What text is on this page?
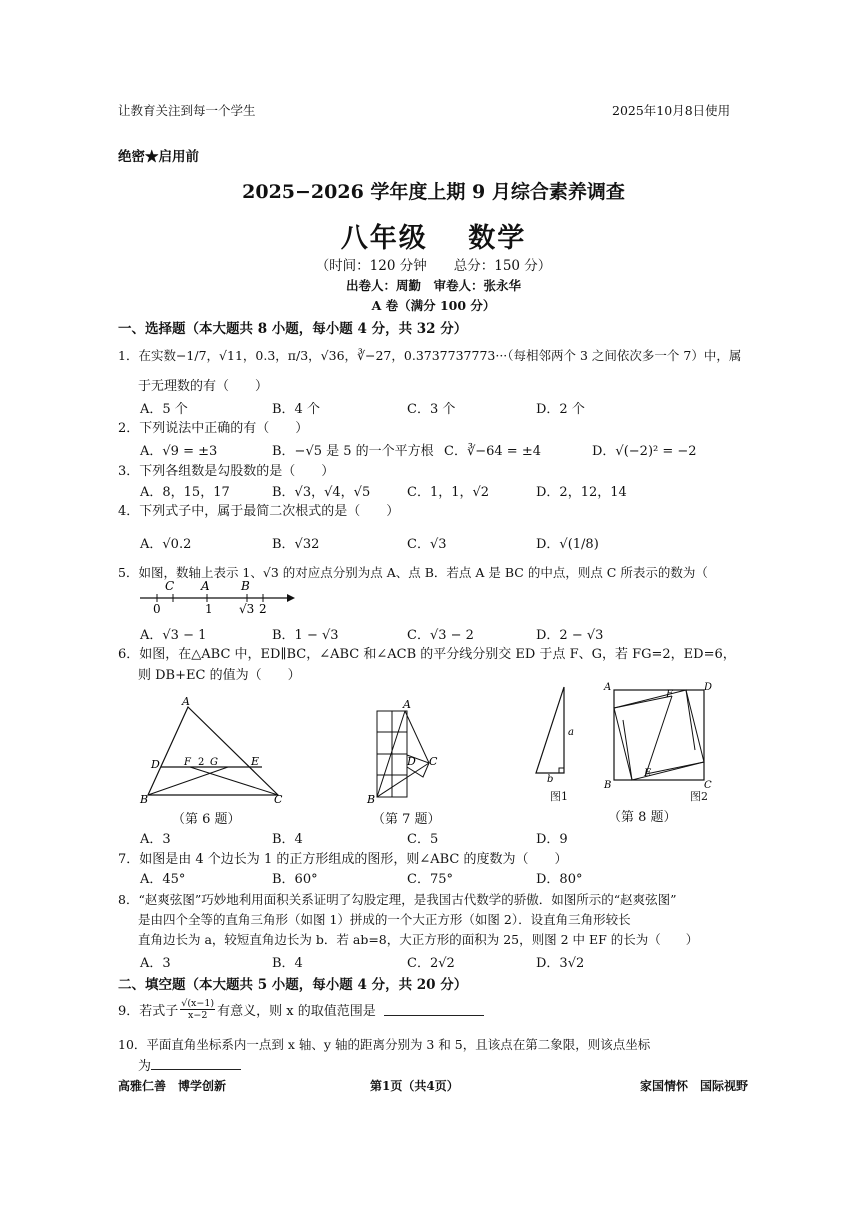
让教育关注到每一个学生	2025年10月8日使用
绝密★启用前
2025−2026 学年度上期 9 月综合素养调查
八年级　 数学
（时间：120 分钟　　总分：150 分）
出卷人：周勤　审卷人：张永华
A 卷（满分 100 分）
一、选择题（本大题共 8 小题，每小题 4 分，共 32 分）
1．在实数−1/7，√11，0.3，π/3，√36，∛−27，0.3737737773···（每相邻两个 3 之间依次多一个 7）中，属
于无理数的有（　　）
A．5 个	B．4 个	C．3 个	D．2 个
2．下列说法中正确的有（　　）
A．√9 = ±3	B．−√5 是 5 的一个平方根 C．∛−64 = ±4	D．√(−2)² = −2
3．下列各组数是勾股数的是（　　）
A．8，15，17	B．√3，√4，√5	C．1，1，√2	D．2，12，14
4．下列式子中，属于最简二次根式的是（　　）
A．√0.2	B．√32	C．√3	D．√(1/8)
5．如图，数轴上表示 1、√3 的对应点分别为点 A、点 B．若点 A 是 BC 的中点，则点 C 所表示的数为（
C A	B
0	1 √3 2
A．√3 − 1	B．1 − √3	C．√3 − 2	D．2 − √3
6．如图，在△ABC 中，ED∥BC，∠ABC 和∠ACB 的平分线分别交 ED 于点 F、G，若 FG=2，ED=6，
则 DB+EC 的值为（　　）
A
D F 2 G	E
B	C
（第 6 题）
A
D C
B
（第 7 题）
a
b
图1
A
F
D
B
E
C
图2
（第 8 题）
A．3	B．4	C．5	D．9
7．如图是由 4 个边长为 1 的正方形组成的图形，则∠ABC 的度数为（　　）
A．45°	B．60°	C．75°	D．80°
8．“赵爽弦图”巧妙地利用面积关系证明了勾股定理，是我国古代数学的骄傲．如图所示的“赵爽弦图”
是由四个全等的直角三角形（如图 1）拼成的一个大正方形（如图 2）．设直角三角形较长
直角边长为 a，较短直角边长为 b．若 ab=8，大正方形的面积为 25，则图 2 中 EF 的长为（　　）
A．3	B．4	C．2√2	D．3√2
二、填空题（本大题共 5 小题，每小题 4 分，共 20 分）
9．若式子 $\frac{√(x-1)}{x-2}$ 有意义，则 x 的取值范围是
10．平面直角坐标系内一点到 x 轴、y 轴的距离分别为 3 和 5，且该点在第二象限，则该点坐标
为
高雅仁善　博学创新	第1页（共4页）	家国情怀　国际视野
